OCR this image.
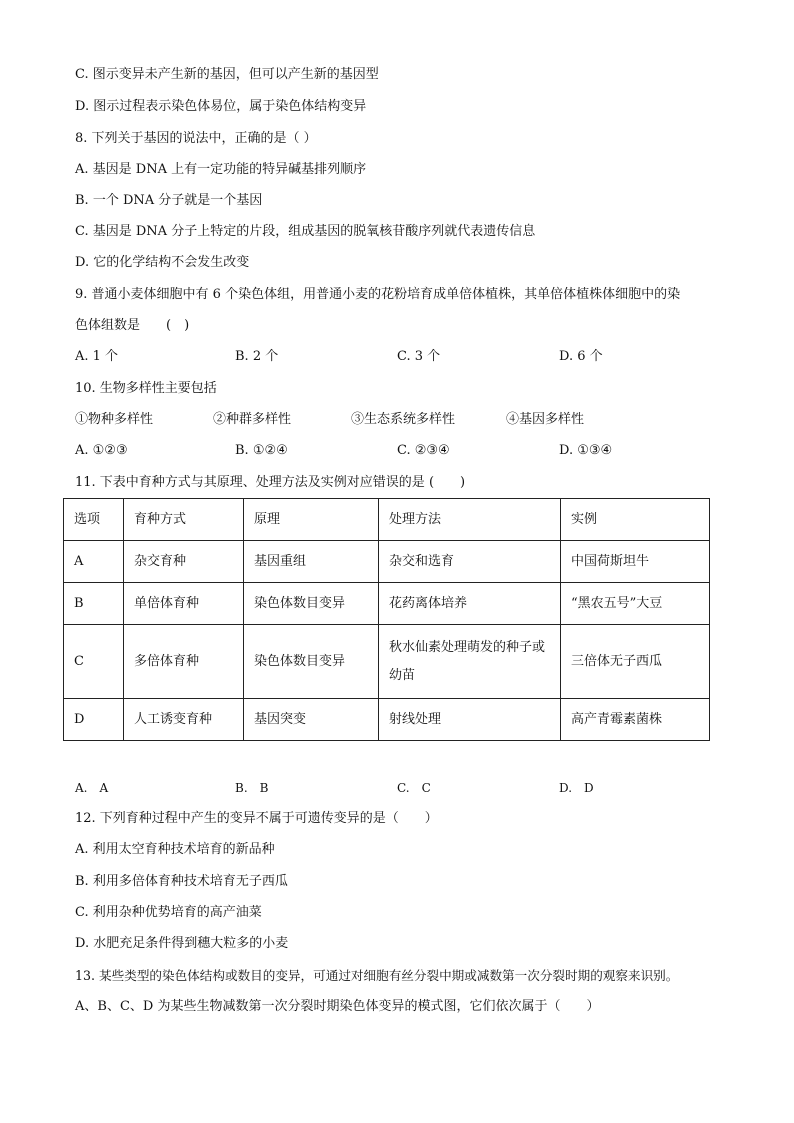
C. 图示变异未产生新的基因，但可以产生新的基因型
D. 图示过程表示染色体易位，属于染色体结构变异
8. 下列关于基因的说法中，正确的是（ ）
A. 基因是 DNA 上有一定功能的特异碱基排列顺序
B. 一个 DNA 分子就是一个基因
C. 基因是 DNA 分子上特定的片段，组成基因的脱氧核苷酸序列就代表遗传信息
D. 它的化学结构不会发生改变
9. 普通小麦体细胞中有 6 个染色体组，用普通小麦的花粉培育成单倍体植株，其单倍体植株体细胞中的染
色体组数是　　(　)
A. 1 个	B. 2 个	C. 3 个	D. 6 个
10. 生物多样性主要包括
①物种多样性	②种群多样性	③生态系统多样性	④基因多样性
A. ①②③	B. ①②④	C. ②③④	D. ①③④
11. 下表中育种方式与其原理、处理方法及实例对应错误的是 (　　)
选项	育种方式	原理	处理方法	实例
A	杂交育种	基因重组	杂交和选育	中国荷斯坦牛
B	单倍体育种	染色体数目变异	花药离体培养	“黑农五号”大豆
C	多倍体育种	染色体数目变异	秋水仙素处理萌发的种子或幼苗	三倍体无子西瓜
D	人工诱变育种	基因突变	射线处理	高产青霉素菌株
A.　A	B.　B	C.　C	D.　D
12. 下列育种过程中产生的变异不属于可遗传变异的是（　　）
A. 利用太空育种技术培育的新品种
B. 利用多倍体育种技术培育无子西瓜
C. 利用杂种优势培育的高产油菜
D. 水肥充足条件得到穗大粒多的小麦
13. 某些类型的染色体结构或数目的变异，可通过对细胞有丝分裂中期或减数第一次分裂时期的观察来识别。
A、B、C、D 为某些生物减数第一次分裂时期染色体变异的模式图，它们依次属于（　　）
